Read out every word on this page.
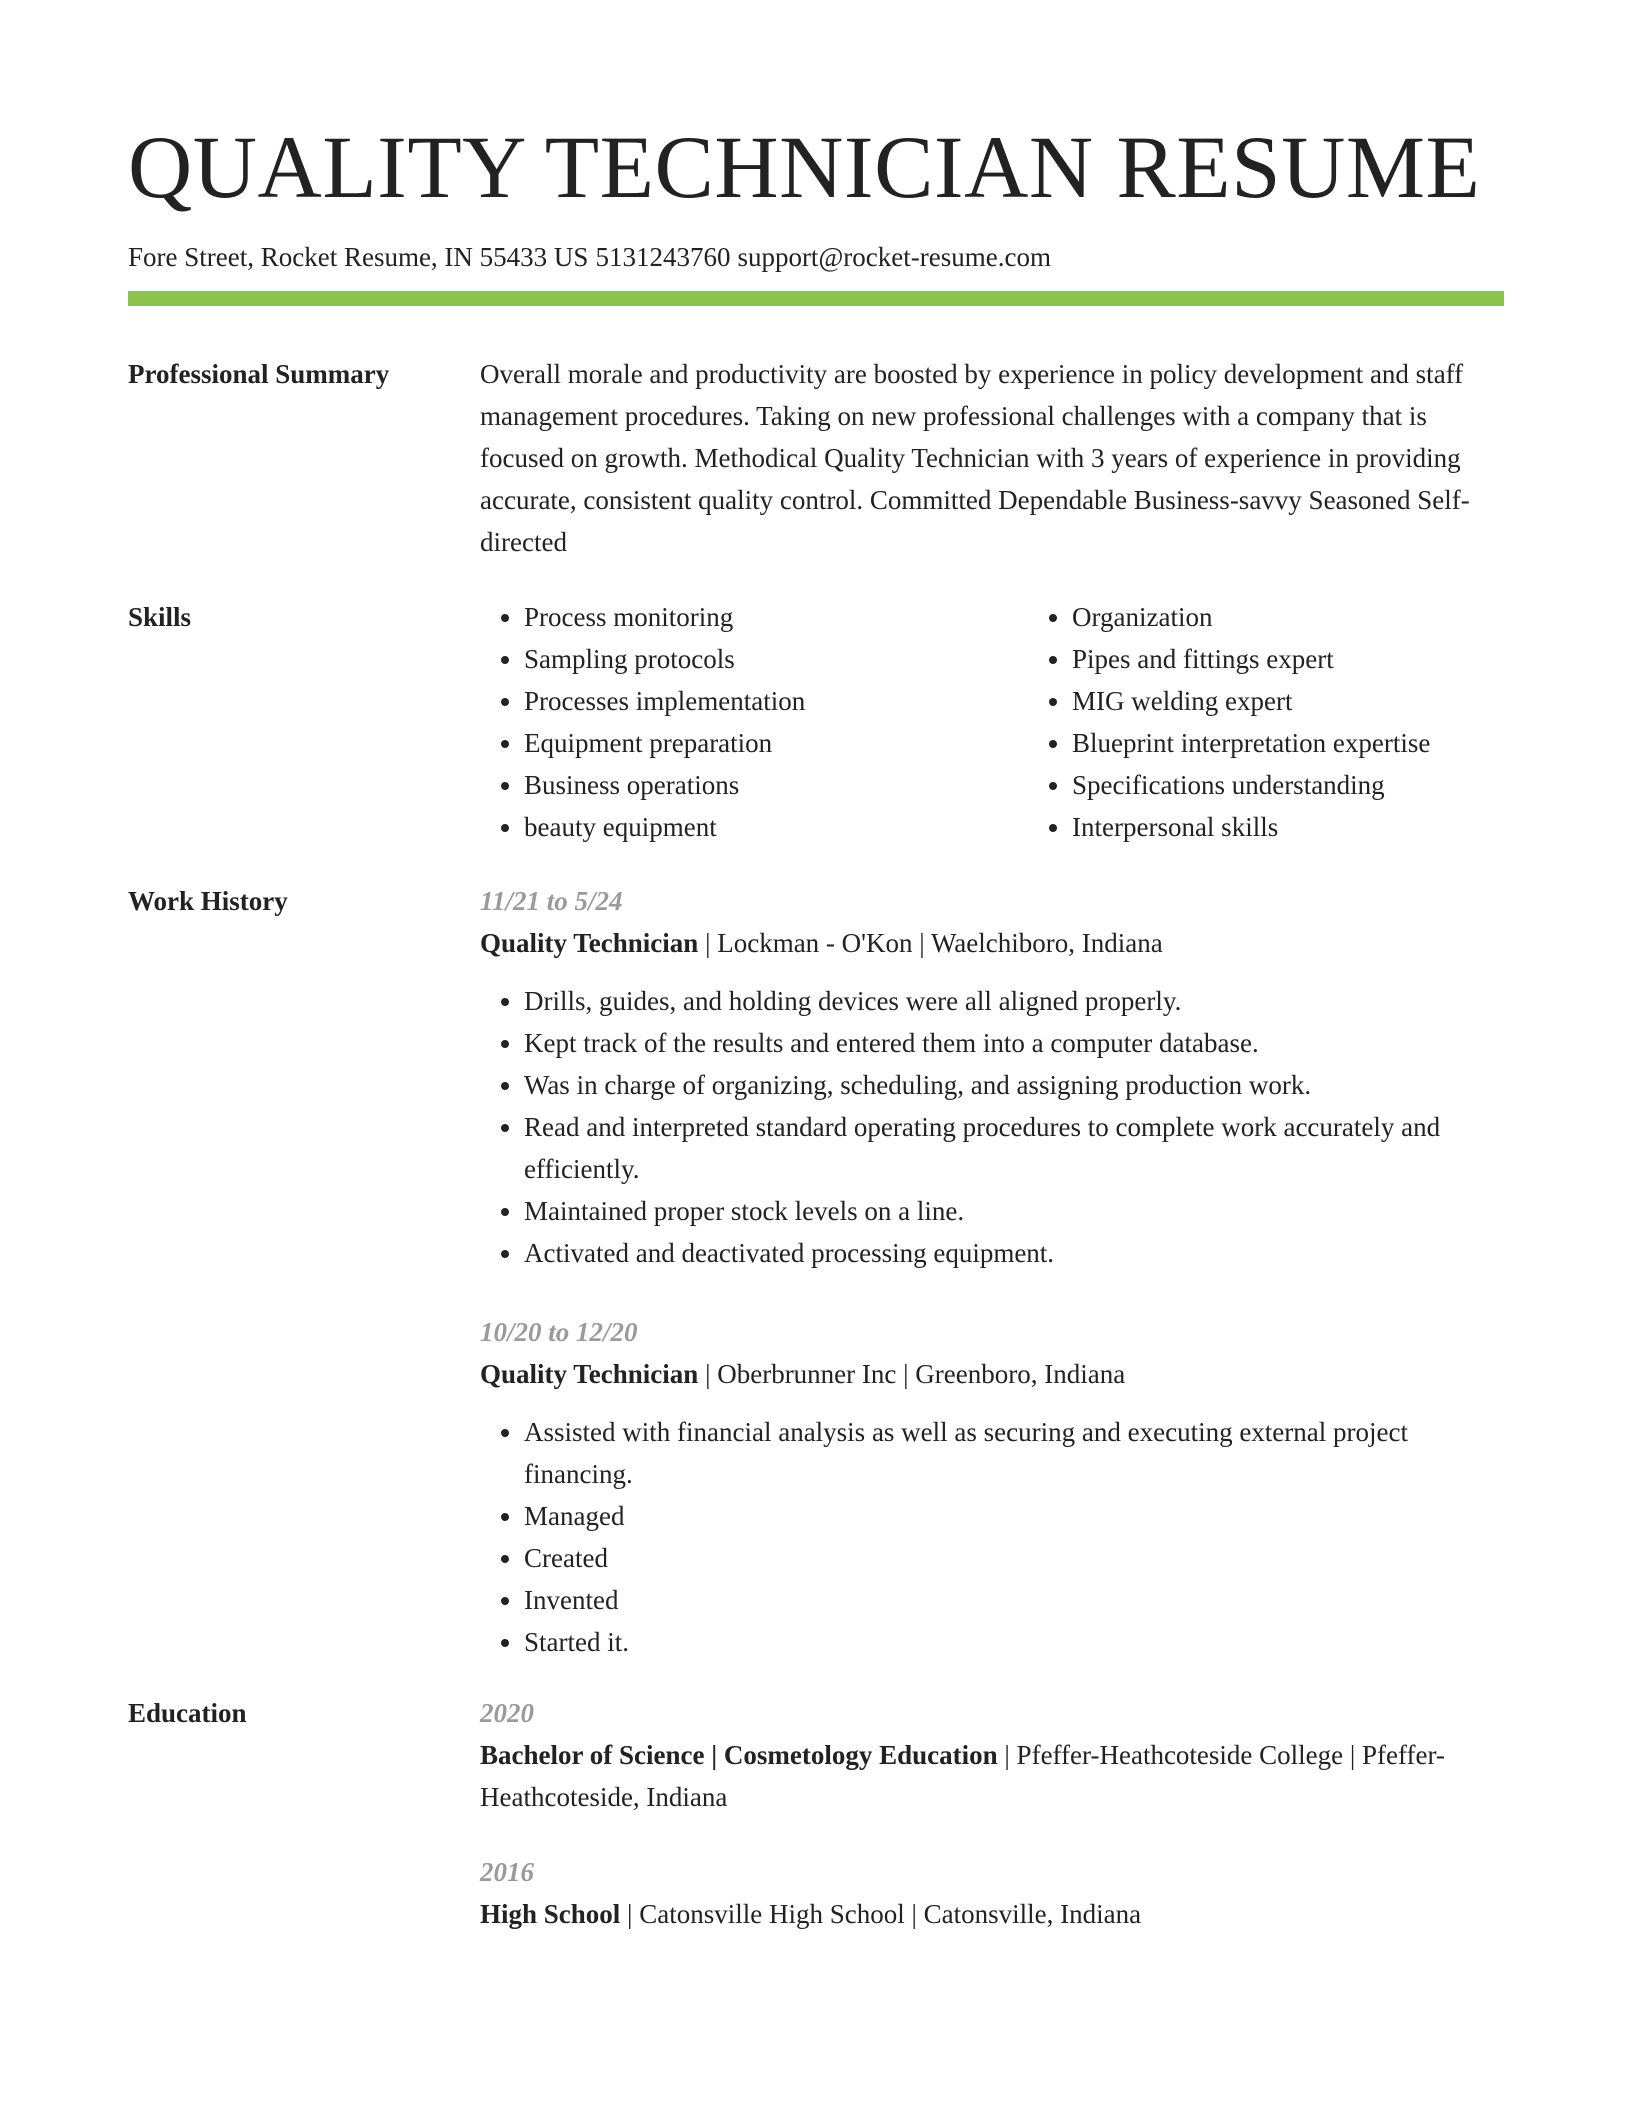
QUALITY TECHNICIAN RESUME
Fore Street, Rocket Resume, IN 55433 US 5131243760 support@rocket-resume.com
Professional Summary	Overall morale and productivity are boosted by experience in policy development and staff management procedures. Taking on new professional challenges with a company that is focused on growth. Methodical Quality Technician with 3 years of experience in providing accurate, consistent quality control. Committed Dependable Business-savvy Seasoned Self-directed

Skills
•	Process monitoring
• Sampling protocols
• Processes implementation
• Equipment preparation
• Business operations
• beauty equipment
• Organization
• Pipes and fittings expert
• MIG welding expert
• Blueprint interpretation expertise
• Specifications understanding
• Interpersonal skills
Work History	11/21 to 5/24
Quality Technician | Lockman - O'Kon | Waelchiboro, Indiana
• Drills, guides, and holding devices were all aligned properly.
• Kept track of the results and entered them into a computer database.
• Was in charge of organizing, scheduling, and assigning production work.
• Read and interpreted standard operating procedures to complete work accurately and efficiently.
• Maintained proper stock levels on a line.
• Activated and deactivated processing equipment.
10/20 to 12/20
Quality Technician | Oberbrunner Inc | Greenboro, Indiana
• Assisted with financial analysis as well as securing and executing external project financing.
• Managed
• Created
• Invented
• Started it.
Education	2020
Bachelor of Science | Cosmetology Education | Pfeffer-Heathcoteside College | Pfeffer-Heathcoteside, Indiana
2016
High School | Catonsville High School | Catonsville, Indiana
